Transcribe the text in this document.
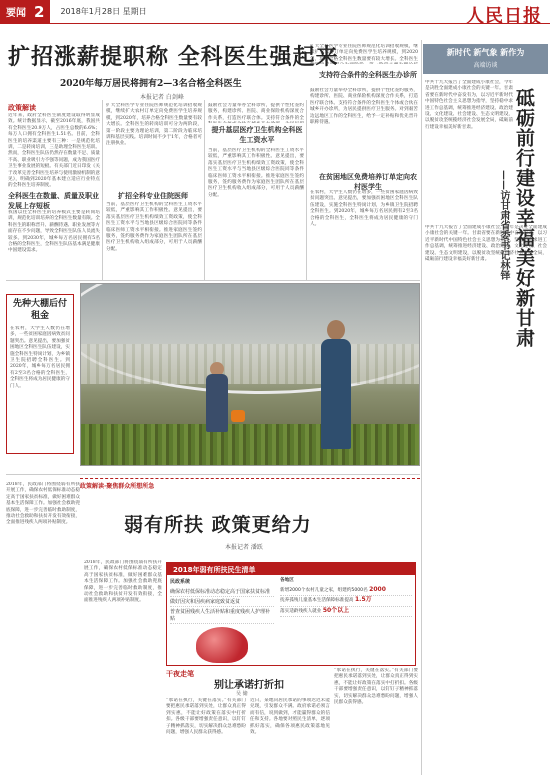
要闻 2 2018年1月28日 星期日	人民日报
扩招涨薪提职称 全科医生强起来
2020年每万居民将拥有2—3名合格全科医生
本报记者 白剑峰
政策解读
近年来，政府全科医生制度建设取得明显成效。统计数据显示，截至2016年底，我国共有全科医生20.9万人，占医生总数的6.6%；每万人口拥有全科医生1.51名。目前，全科医生的培养渠道主要有三种：一是规范化培训，二是转岗培训，三是助理全科医生培训。然而，全科医生队伍仍然存在数量不足、质量不高、职业吸引力不强等问题，成为我国医疗卫生事业发展的短板。有关部门近日印发《关于改革完善全科医生培养与使用激励机制的意见》，明确到2020年基本建立适应行业特点的全科医生培养制度。
全科医生在数量、质量及职业发展上存短板
我国以往全科医生的培养模式主要是转岗培训，规范化培训培养的全科医生数量有限。全科医生的职称晋升、薪酬待遇、职业发展等方面存在不少问题，导致全科医生队伍人员流失较多。到2030年，城乡每万名居民拥有5名合格的全科医生，全科医生队伍基本满足健康中国建设需求。
扩大全科医学专业住院医师规范化培训招收规模，继续扩大农村订单定向免费医学生培养规模，到2020年，培养合格全科医生数量要有较大增长。全科医生的转岗培训可分为两阶段，第一阶段主要为理论培训，第二阶段为临床培训和基层实践。培训时间不少于1年，合格者可注册执业。
扩招全科专业住院医师
当前，基层医疗卫生机构的全科医生工资水平较低，严重影响其工作积极性。意见提出，要落实基层医疗卫生机构绩效工资政策，使全科医生工资水平与当地县区级综合医院同等条件临床医师工资水平相衔接。推进家庭医生签约服务，签约服务费作为家庭医生团队所在基层医疗卫生机构收入组成部分，可用于人员薪酬分配。
鼓励社会力量举办全科诊所，提供个性化签约服务，构建诊所、医院、商业保险机构深度合作关系，打造医疗联合体。支持符合条件的全
提升基层医疗卫生机构全科医生工资水平
当前，基层医疗卫生机构的全科医生工资水平较低，严重影响其工作积极性。意见提出，要落实基层医疗卫生机构绩效工资政策，使全科医生工资水平与当地县区级综合医院同等条件临床医师工资水平相衔接。推进家庭医生签约服务，签约服务费作为家庭医生团队所在基层医疗卫生机构收入组成部分，可用于人员薪酬分配。
扩大全科医学专业住院医师规范化培训招收规模，继续扩大农村订单定向免费医学生培养规模，到2020年，培养合格全科医生数量要有较大增长。全科医生
支持符合条件的全科医生办诊所
鼓励社会力量举办全科诊所，提供个性化签约服务，构建诊所、医院、商业保险机构深度合作关系，打造医疗联合体。支持符合条件的全科医生个体或合伙在城乡开办诊所，为居民提供医疗卫生服务。对到艰苦边远地区工作的全科医生，给予一定补贴和优先晋升职称待遇。
在贫困地区免费培养订单定向农村医学生
在农村，大学生人数仍在增多，一些贫困家庭因病致贫问题突出。意见提出，要加强贫困地区全科医生队伍建设，实施全科医生特岗计划，为乡镇卫生院招聘全科医生。到2020年，城乡每万名居民拥有2至3名合格的全科医生，全科医生将成为居民健康的守门人。
先种大棚后付租金
在农村，大学生人数仍在增多，一些贫困家庭因病致贫问题突出。意见提出，要加强贫困地区全科医生队伍建设，实施全科医生特岗计划，为乡镇卫生院招聘全科医生。到2020年，城乡每万名居民拥有2至3名合格的全科医生，全科医生将成为居民健康的守门人。
新时代 新气象 新作为
高端访谈
中共十九大报告了全面建成小康社会，今年是决胜全面建成小康社会的关键一年。甘肃省要在新时代中奋发有为，以习近平新时代中国特色社会主义思想为指导，坚持稳中求进工作总基调，统筹推进经济建设、政治建设、文化建设、社会建设、生态文明建设，以脱贫攻坚统揽经济社会发展全局，砥砺前行建设幸福美好新甘肃。	砥砺前行建设幸福美好新甘肃
——访甘肃省委书记林铎
中共十九大报告了全面建成小康社会，今年是决胜全面建成小康社会的关键一年。甘肃省要在新时代中奋发有为，以习近平新时代中国特色社会主义思想为指导，坚持稳中求进工作总基调，统筹推进经济建设、政治建设、文化建设、社会建设、生态文明建设，以脱贫攻坚统揽经济社会发展全局，砥砺前行建设幸福美好新甘肃。
政策解读·聚焦群众所想所急
弱有所扶 政策更给力
本报记者 潘跃
2018年，民政部门将围绕弱有所扶开展工作，确保农村低保标准动态稳定高于国家扶贫标准，做好困难群众基本生活保障工作。加强社会救助兜底保障，进一步完善临时救助制度，推动社会救助和扶贫开发有效衔接，全面推进残疾人两项补贴制度。
2018年，民政部门将围绕弱有所扶开展工作，确保农村低保标准动态稳定高于国家扶贫标准，做好困难群众基本生活保障工作。加强社会救助兜底保障，进一步完善临时救助制度，推动社会救助和扶贫开发有效衔接，全面推进残疾人两项补贴制度。
2018年弱有所扶民生清单
民政系统
确保农村低保标准动态稳定高于国家扶贫标准
做好因灾和因疾病家庭致贫返贫
普查贫困残疾人生活补贴和重度残疾人护理补贴
各地区
新增2000个农村儿童之家，组建约5000名 2000
抚养孤残儿童基本生活保障标准提高 1.5万
落实适龄残疾人就业 50个以上
干夜走笔
别让承诺打折扣
吴 储
“承诺在执行，关键在落实。”有关部门要把惠民承诺落到实处，让群众真正得到实惠，不能让好政策在落实中打折扣。各级干部要增强责任意识，以钉钉子精神抓落实，切实解决群众急难愁盼问题，增强人民群众获得感。
近日，某地向居民承诺的事项迟迟未能兑现，引发群众不满。政府承诺必须言而有信，说到做到，才能赢得群众的信任和支持。各地要对照民生清单，逐项抓好落实，确保各项惠民政策落地见效。
“承诺在执行，关键在落实。”有关部门要把惠民承诺落到实处，让群众真正得到实惠，不能让好政策在落实中打折扣。各级干部要增强责任意识，以钉钉子精神抓落实，切实解决群众急难愁盼问题，增强人民群众获得感。
